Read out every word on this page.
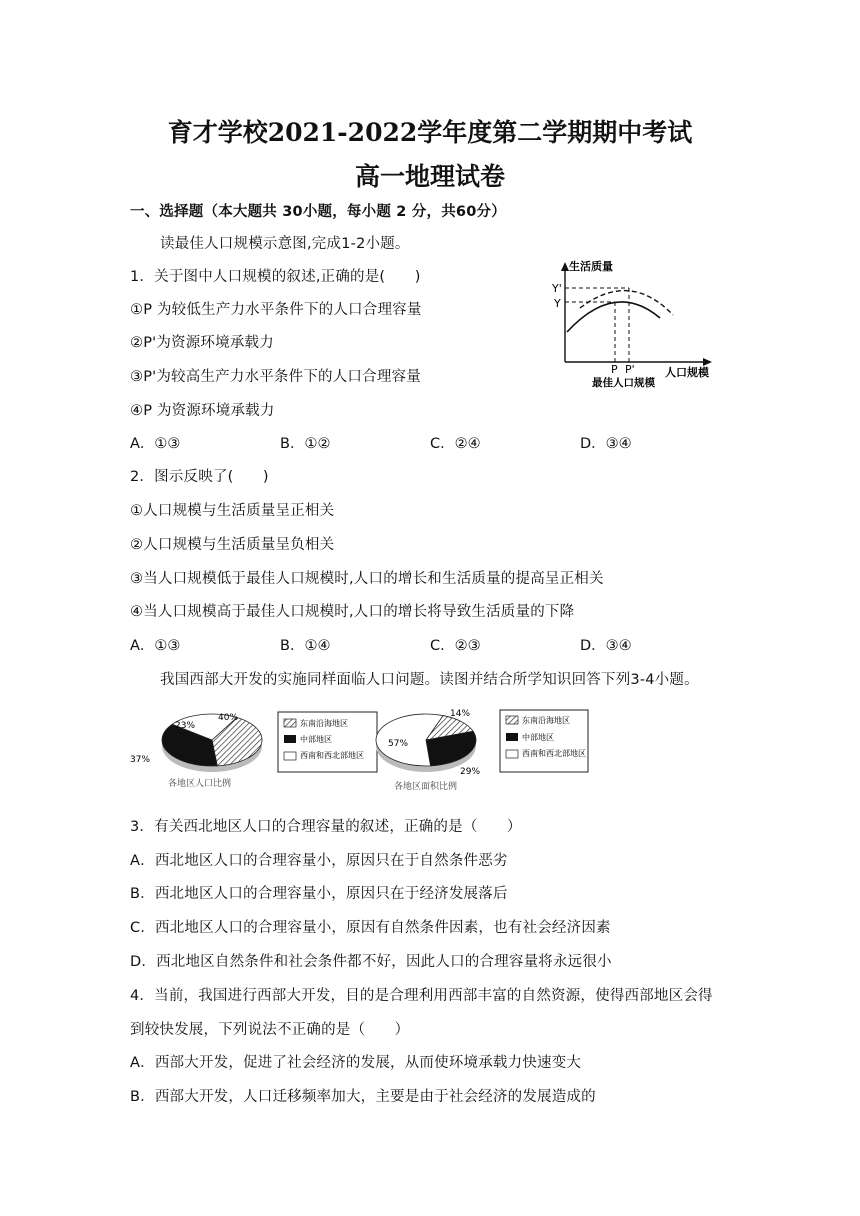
育才学校2021-2022学年度第二学期期中考试
高一地理试卷
一、选择题（本大题共 30小题，每小题 2 分，共60分）
读最佳人口规模示意图,完成1-2小题。
1．关于图中人口规模的叙述,正确的是(　　)
①P 为较低生产力水平条件下的人口合理容量
②P'为资源环境承载力
③P'为较高生产力水平条件下的人口合理容量
④P 为资源环境承载力
A．①③	B．①②	C．②④	D．③④
生活质量
人口规模
Y'
Y
P P'
最佳人口规模
2．图示反映了(　　)
①人口规模与生活质量呈正相关
②人口规模与生活质量呈负相关
③当人口规模低于最佳人口规模时,人口的增长和生活质量的提高呈正相关
④当人口规模高于最佳人口规模时,人口的增长将导致生活质量的下降
A．①③	B．①④	C．②③	D．③④
我国西部大开发的实施同样面临人口问题。读图并结合所学知识回答下列3-4小题。
40%
23%
37%
各地区人口比例
东南沿海地区
中部地区
西南和西北部地区
14%
29%
57%
各地区面积比例
东南沿海地区
中部地区
西南和西北部地区
3．有关西北地区人口的合理容量的叙述，正确的是（　　）
A．西北地区人口的合理容量小，原因只在于自然条件恶劣
B．西北地区人口的合理容量小，原因只在于经济发展落后
C．西北地区人口的合理容量小，原因有自然条件因素，也有社会经济因素
D．西北地区自然条件和社会条件都不好，因此人口的合理容量将永远很小
4．当前，我国进行西部大开发，目的是合理利用西部丰富的自然资源，使得西部地区会得
到较快发展，下列说法不正确的是（　　）
A．西部大开发，促进了社会经济的发展，从而使环境承载力快速变大
B．西部大开发，人口迁移频率加大，主要是由于社会经济的发展造成的
